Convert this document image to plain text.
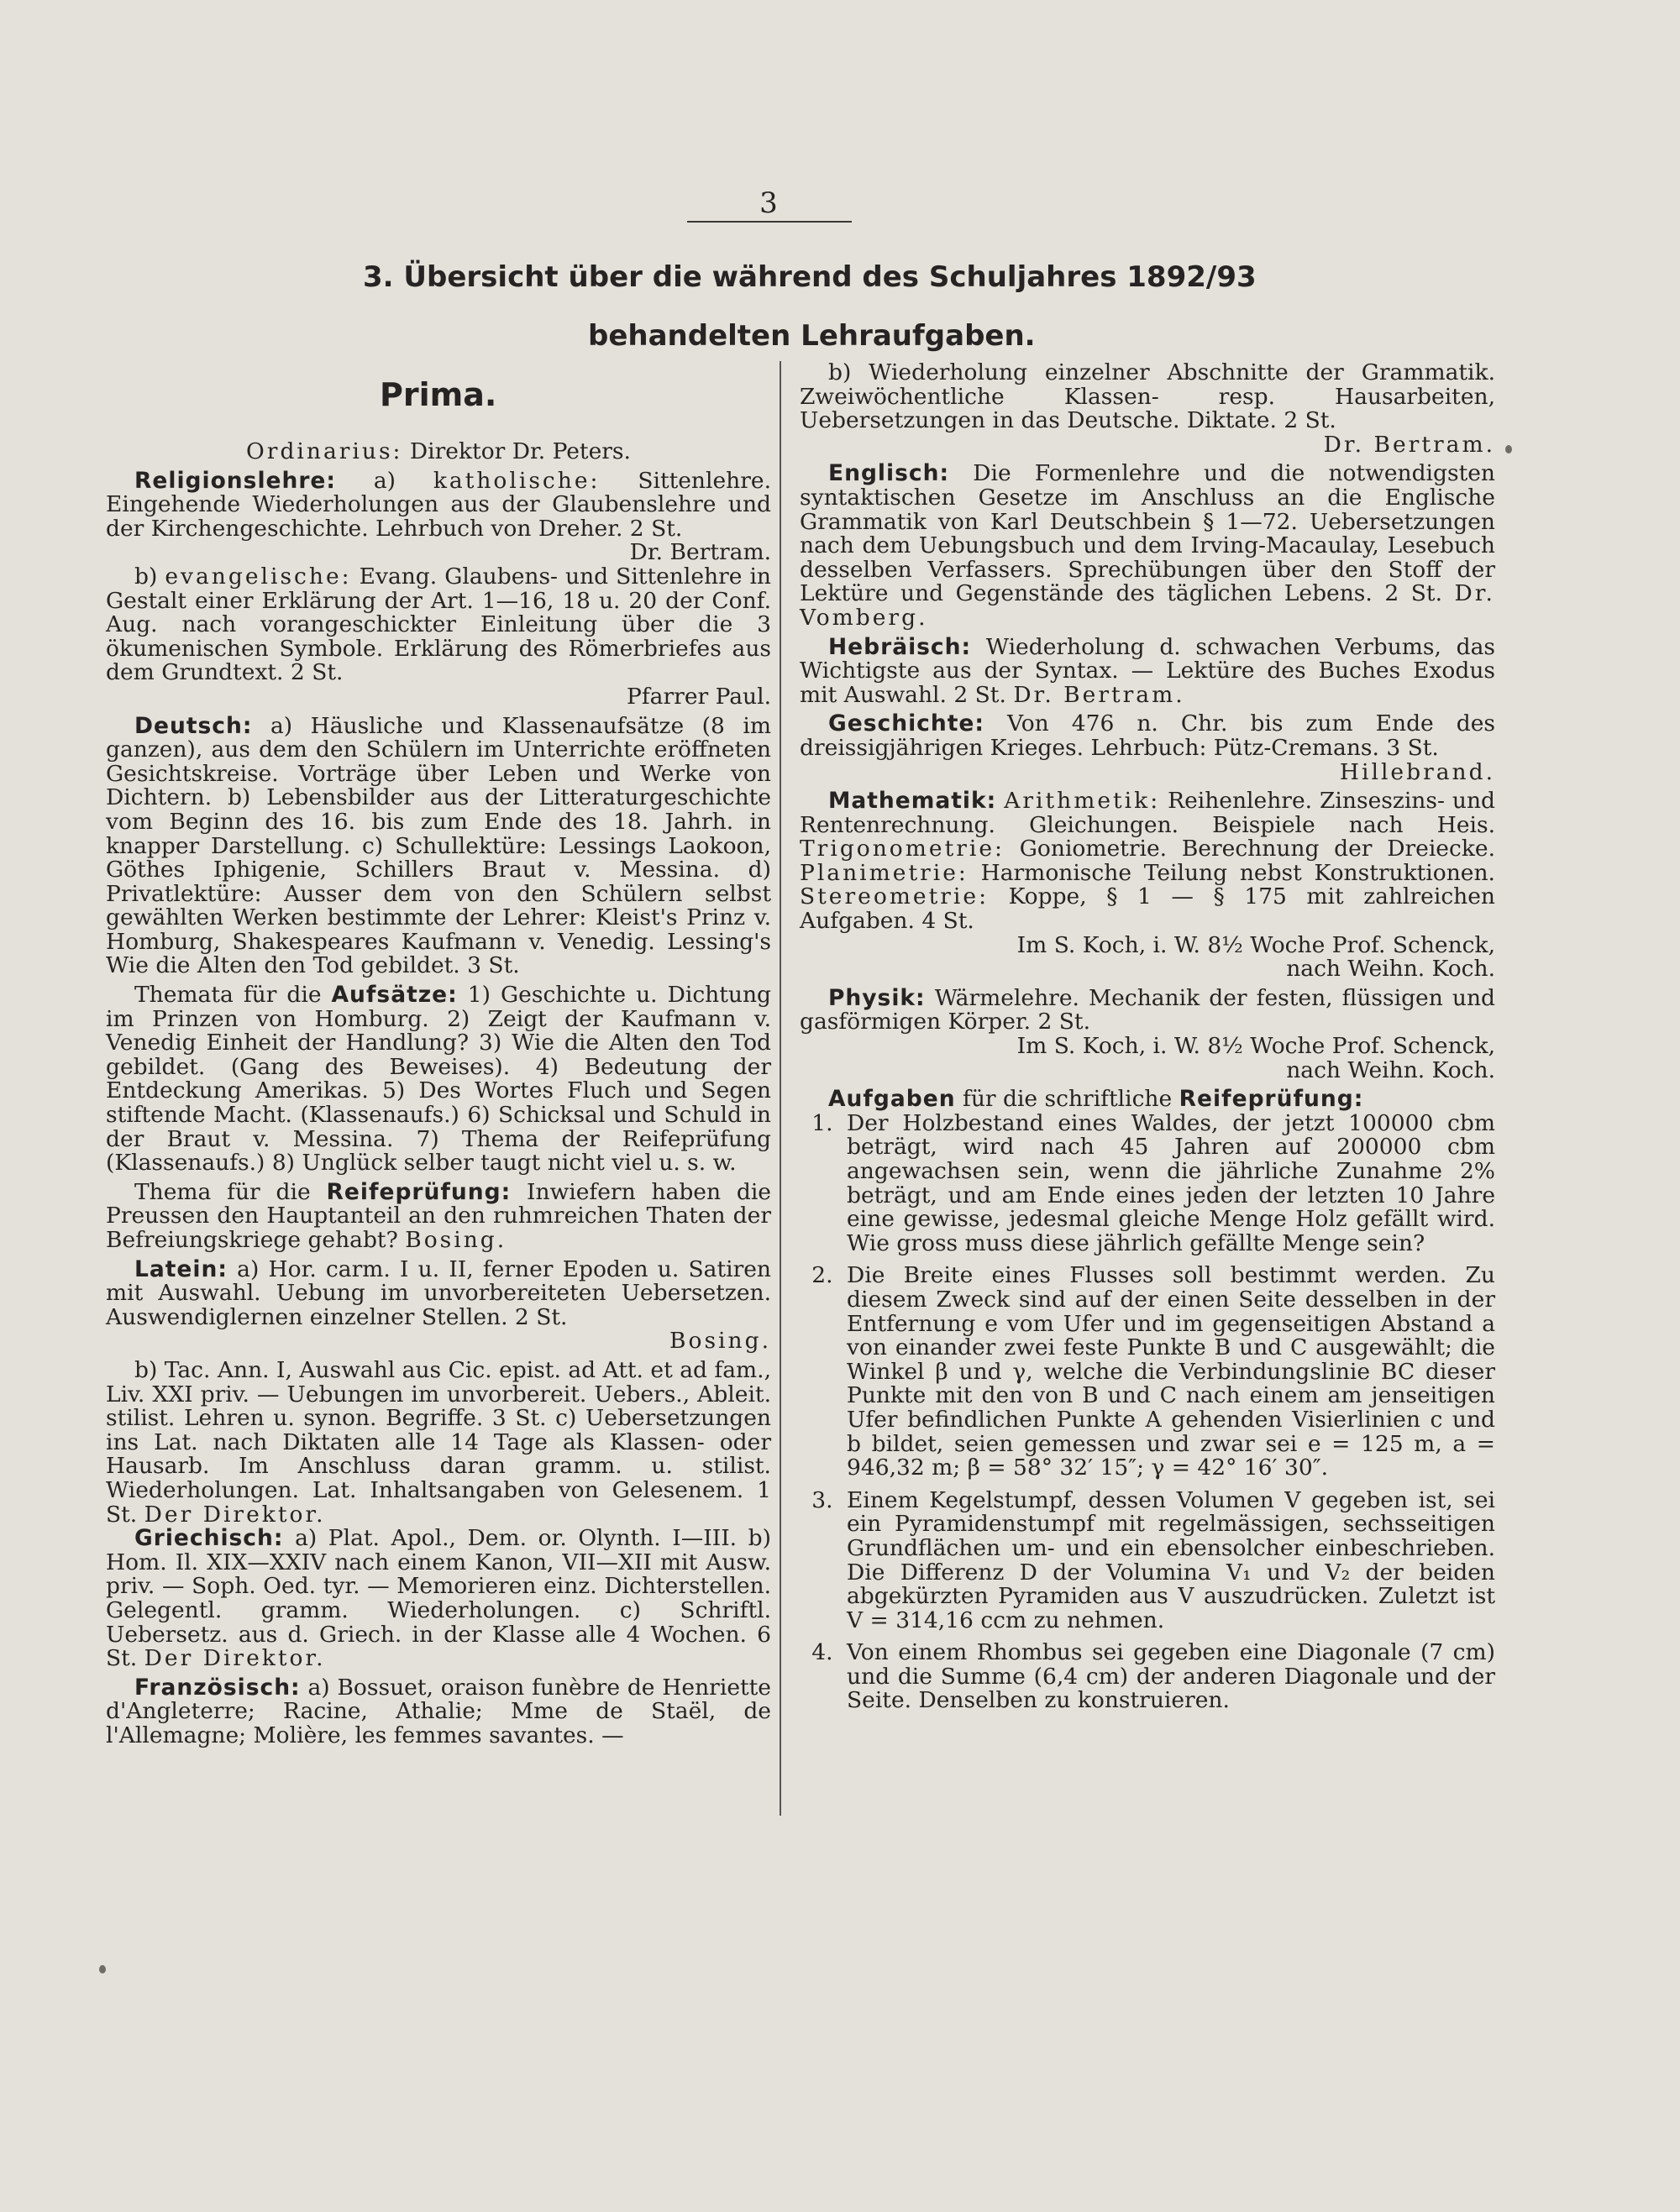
3
3. Übersicht über die während des Schuljahres 1892/93
behandelten Lehraufgaben.
Prima.

Ordinarius: Direktor Dr. Peters.

Religionslehre: a) katholische: Sittenlehre. Eingehende Wiederholungen aus der Glaubenslehre und der Kirchengeschichte. Lehrbuch von Dreher. 2 St.

Dr. Bertram.

b) evangelische: Evang. Glaubens- und Sittenlehre in Gestalt einer Erklärung der Art. 1—16, 18 u. 20 der Conf. Aug. nach vorangeschickter Einleitung über die 3 ökumenischen Symbole. Erklärung des Römerbriefes aus dem Grundtext. 2 St.

Pfarrer Paul.

Deutsch: a) Häusliche und Klassenaufsätze (8 im ganzen), aus dem den Schülern im Unterrichte eröffneten Gesichtskreise. Vorträge über Leben und Werke von Dichtern. b) Lebensbilder aus der Litteraturgeschichte vom Beginn des 16. bis zum Ende des 18. Jahrh. in knapper Darstellung. c) Schullektüre: Lessings Laokoon, Göthes Iphigenie, Schillers Braut v. Messina. d) Privatlektüre: Ausser dem von den Schülern selbst gewählten Werken bestimmte der Lehrer: Kleist's Prinz v. Homburg, Shakespeares Kaufmann v. Venedig. Lessing's Wie die Alten den Tod gebildet. 3 St.

Themata für die Aufsätze: 1) Geschichte u. Dichtung im Prinzen von Homburg. 2) Zeigt der Kaufmann v. Venedig Einheit der Handlung? 3) Wie die Alten den Tod gebildet. (Gang des Beweises). 4) Bedeutung der Entdeckung Amerikas. 5) Des Wortes Fluch und Segen stiftende Macht. (Klassenaufs.) 6) Schicksal und Schuld in der Braut v. Messina. 7) Thema der Reifeprüfung (Klassenaufs.) 8) Unglück selber taugt nicht viel u. s. w.

Thema für die Reifeprüfung: Inwiefern haben die Preussen den Hauptanteil an den ruhmreichen Thaten der Befreiungskriege gehabt? Bosing.

Latein: a) Hor. carm. I u. II, ferner Epoden u. Satiren mit Auswahl. Uebung im unvorbereiteten Uebersetzen. Auswendiglernen einzelner Stellen. 2 St.

Bosing.

b) Tac. Ann. I, Auswahl aus Cic. epist. ad Att. et ad fam., Liv. XXI priv. — Uebungen im unvorbereit. Uebers., Ableit. stilist. Lehren u. synon. Begriffe. 3 St. c) Uebersetzungen ins Lat. nach Diktaten alle 14 Tage als Klassen- oder Hausarb. Im Anschluss daran gramm. u. stilist. Wiederholungen. Lat. Inhaltsangaben von Gelesenem. 1 St. Der Direktor.

Griechisch: a) Plat. Apol., Dem. or. Olynth. I—III. b) Hom. Il. XIX—XXIV nach einem Kanon, VII—XII mit Ausw. priv. — Soph. Oed. tyr. — Memorieren einz. Dichterstellen. Gelegentl. gramm. Wiederholungen. c) Schriftl. Uebersetz. aus d. Griech. in der Klasse alle 4 Wochen. 6 St. Der Direktor.

Französisch: a) Bossuet, oraison funèbre de Henriette d'Angleterre; Racine, Athalie; Mme de Staël, de l'Allemagne; Molière, les femmes savantes. —

b) Wiederholung einzelner Abschnitte der Grammatik. Zweiwöchentliche Klassen- resp. Hausarbeiten, Uebersetzungen in das Deutsche. Diktate. 2 St.

Dr. Bertram.

Englisch: Die Formenlehre und die notwendigsten syntaktischen Gesetze im Anschluss an die Englische Grammatik von Karl Deutschbein § 1—72. Uebersetzungen nach dem Uebungsbuch und dem Irving-Macaulay, Lesebuch desselben Verfassers. Sprechübungen über den Stoff der Lektüre und Gegenstände des täglichen Lebens. 2 St. Dr. Vomberg.

Hebräisch: Wiederholung d. schwachen Verbums, das Wichtigste aus der Syntax. — Lektüre des Buches Exodus mit Auswahl. 2 St. Dr. Bertram.

Geschichte: Von 476 n. Chr. bis zum Ende des dreissigjährigen Krieges. Lehrbuch: Pütz-Cremans. 3 St.

Hillebrand.

Mathematik: Arithmetik: Reihenlehre. Zinseszins- und Rentenrechnung. Gleichungen. Beispiele nach Heis. Trigonometrie: Goniometrie. Berechnung der Dreiecke. Planimetrie: Harmonische Teilung nebst Konstruktionen. Stereometrie: Koppe, § 1 — § 175 mit zahlreichen Aufgaben. 4 St.

Im S. Koch, i. W. 8½ Woche Prof. Schenck,

nach Weihn. Koch.

Physik: Wärmelehre. Mechanik der festen, flüssigen und gasförmigen Körper. 2 St.

Im S. Koch, i. W. 8½ Woche Prof. Schenck,

nach Weihn. Koch.

Aufgaben für die schriftliche Reifeprüfung:

1. Der Holzbestand eines Waldes, der jetzt 100000 cbm beträgt, wird nach 45 Jahren auf 200000 cbm angewachsen sein, wenn die jährliche Zunahme 2% beträgt, und am Ende eines jeden der letzten 10 Jahre eine gewisse, jedesmal gleiche Menge Holz gefällt wird. Wie gross muss diese jährlich gefällte Menge sein?
2. Die Breite eines Flusses soll bestimmt werden. Zu diesem Zweck sind auf der einen Seite desselben in der Entfernung e vom Ufer und im gegenseitigen Abstand a von einander zwei feste Punkte B und C ausgewählt; die Winkel β und γ, welche die Verbindungslinie BC dieser Punkte mit den von B und C nach einem am jenseitigen Ufer befindlichen Punkte A gehenden Visierlinien c und b bildet, seien gemessen und zwar sei e = 125 m, a = 946,32 m; β = 58° 32′ 15″; γ = 42° 16′ 30″.
3. Einem Kegelstumpf, dessen Volumen V gegeben ist, sei ein Pyramidenstumpf mit regelmässigen, sechsseitigen Grundflächen um- und ein ebensolcher einbeschrieben. Die Differenz D der Volumina V₁ und V₂ der beiden abgekürzten Pyramiden aus V auszudrücken. Zuletzt ist V = 314,16 ccm zu nehmen.
4. Von einem Rhombus sei gegeben eine Diagonale (7 cm) und die Summe (6,4 cm) der anderen Diagonale und der Seite. Denselben zu konstruieren.
